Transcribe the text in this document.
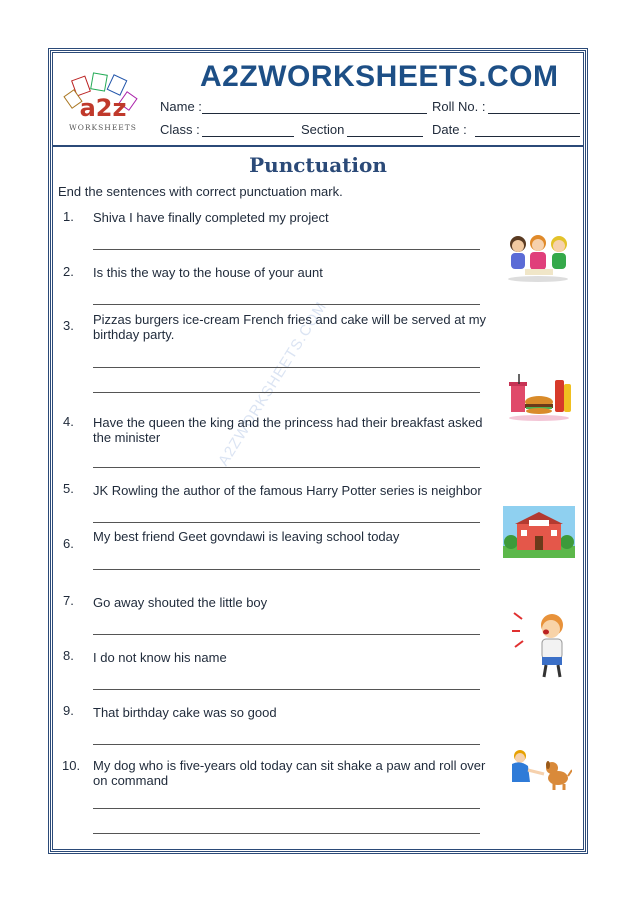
a2z
WORKSHEETS
A2ZWORKSHEETS.COM
Name :	Roll No. :
Class :	Section	Date :
Punctuation
End the sentences with correct punctuation mark.
A2ZWORKSHEETS.COM
1. Shiva I have finally completed my project
2. Is this the way to the house of your aunt
3. Pizzas burgers ice-cream French fries and cake will be served at my birthday party.
4. Have the queen the king and the princess had their breakfast asked the minister
5. JK Rowling the author of the famous Harry Potter series is neighbor
6. My best friend Geet govndawi is leaving school today
7. Go away shouted the little boy
8. I do not know his name
9. That birthday cake was so good
10. My dog who is five-years old today can sit shake a paw and roll over on command
